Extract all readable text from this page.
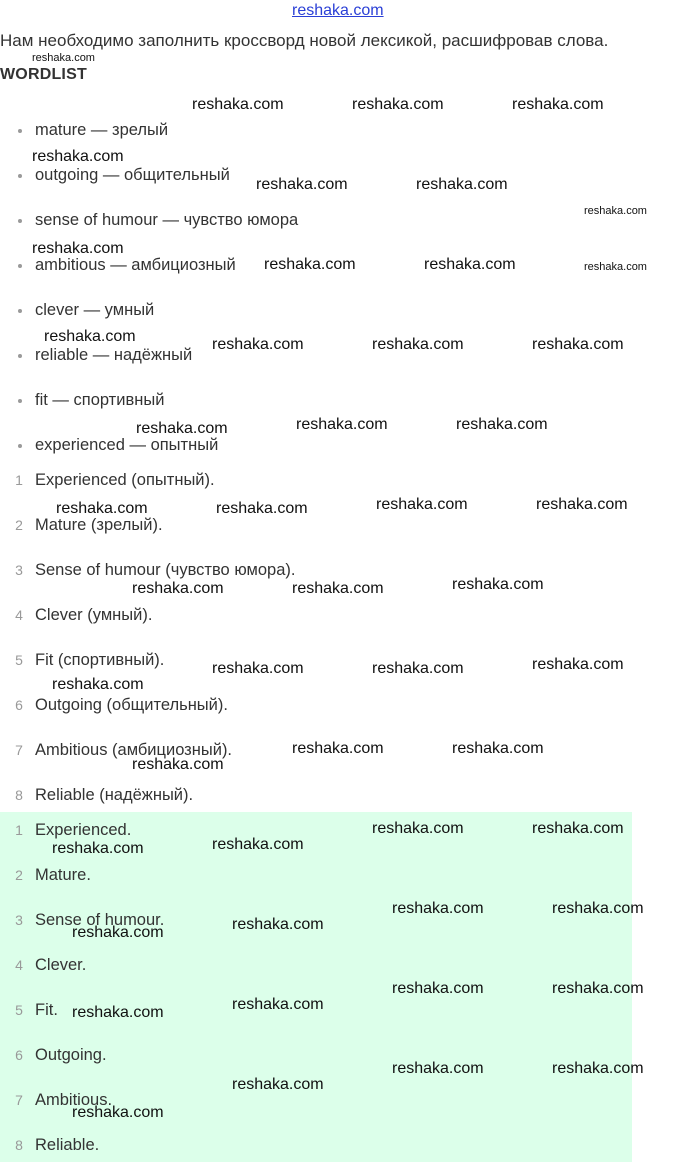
reshaka.com
Нам необходимо заполнить кроссворд новой лексикой, расшифровав слова.
WORDLIST
mature — зрелый
outgoing — общительный
sense of humour — чувство юмора
ambitious — амбициозный
clever — умный
reliable — надёжный
fit — спортивный
experienced — опытный
1 Experienced (опытный).
2 Mature (зрелый).
3 Sense of humour (чувство юмора).
4 Clever (умный).
5 Fit (спортивный).
6 Outgoing (общительный).
7 Ambitious (амбициозный).
8 Reliable (надёжный).
1 Experienced.
2 Mature.
3 Sense of humour.
4 Clever.
5 Fit.
6 Outgoing.
7 Ambitious.
8 Reliable.
reshaka.com
reshaka.com	reshaka.com	reshaka.com
reshaka.com
reshaka.com	reshaka.com
reshaka.com
reshaka.com
reshaka.com	reshaka.com	reshaka.com
reshaka.com	reshaka.com	reshaka.com	reshaka.com
reshaka.com	reshaka.com
reshaka.com
reshaka.com	reshaka.com
reshaka.com	reshaka.com
reshaka.com
reshaka.com	reshaka.com
reshaka.com
reshaka.com	reshaka.com
reshaka.com
reshaka.com	reshaka.com
reshaka.com
reshaka.com	reshaka.com
reshaka.com
reshaka.com
reshaka.com	reshaka.com
reshaka.com
reshaka.com
reshaka.com	reshaka.com
reshaka.com
reshaka.com
reshaka.com	reshaka.com
reshaka.com
reshaka.com
